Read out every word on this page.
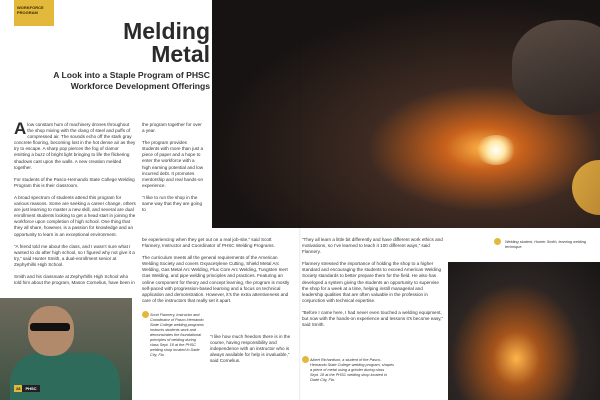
WORKFORCE
PROGRAM
Melding
Metal
A Look into a Staple Program of PHSC
Workforce Development Offerings

Alow constant hum of machinery drones throughout the shop mixing with the clang of steel and puffs of compressed air. The sounds echo off the stark gray concrete flooring, becoming lost in the hot dense air as they try to escape. A sharp pop pierces the fog of clamor emitting a buzz of bright light bringing to life the flickering shadows cast upon the walls. A new creation melded together.

For students of the Pasco-Hernando State College Welding Program this is their classroom.

A broad spectrum of students attend this program for various reasons. Some are seeking a career change, others are just learning to master a new skill, and several are dual enrollment students looking to get a head start in joining the workforce upon completion of high school. One thing that they all share, however, is a passion for knowledge and an opportunity to learn in an exceptional environment.

“A friend told me about the class, and I wasn’t sure what I wanted to do after high school, so I figured why not give it a try,” said Hunter Smith, a dual-enrollment senior at Zephyrhills High School.

Smith and his classmate at Zephyrhills High School who told him about the program, Mason Cornelius, have been in

the program together for over a year.

The program provides students with more than just a piece of paper and a hope to enter the workforce with a high earning potential and low incurred debt. It promotes mentorship and real hands-on experience.

“I like to run the shop in the same way that they are going to

be experiencing when they get out on a real job-site,” said Scott Flannery, Instructor and Coordinator of PHSC Welding Programs.

The curriculum meets all the general requirements of the American Welding Society and covers Oxyacetylene Cutting, Shield Metal Arc Welding, Gas Metal Arc Welding, Flux Core Arc Welding, Tungsten Inert Gas Welding, and pipe welding principles and practices. Featuring an online component for theory and concept learning, the program is mostly self-paced with progression-based learning and a focus on technical application and demonstration. However, it’s the extra attentiveness and care of the instructors that really set it apart.

Scott Flannery, Instructor and Coordinator of Pasco-Hernando State College welding programs instructs students work and demonstrates the foundational principles of welding during class Sept. 18 at the PHSC welding shop located in Dade City, Fla.
“I like how much freedom there is in the course, having responsibility and independence with an instructor who is always available for help is invaluable,” said Cornelius.

“They all learn a little bit differently and have different work ethics and motivations, so I’ve learned to teach it 100 different ways,” said Flannery.

Flannery stressed the importance of holding the shop to a higher standard and encouraging the students to exceed American Welding Society standards to better prepare them for the field. He also has developed a system giving the students an opportunity to supervise the shop for a week at a time, helping instill managerial and leadership qualities that are often valuable in the profession in conjunction with technical expertise.

“Before I came here, I had never even touched a welding equipment, but now with the hands-on experience and lessons it’s become easy,” said Smith.

Welding student, Hunter Smith, learning welding technique.
Albert Richardson, a student of the Pasco-Hernando State College welding program, shapes a piece of metal using a grinder during class Sept. 18 at the PHSC welding shop located in Dade City, Fla.
28 PHSC
